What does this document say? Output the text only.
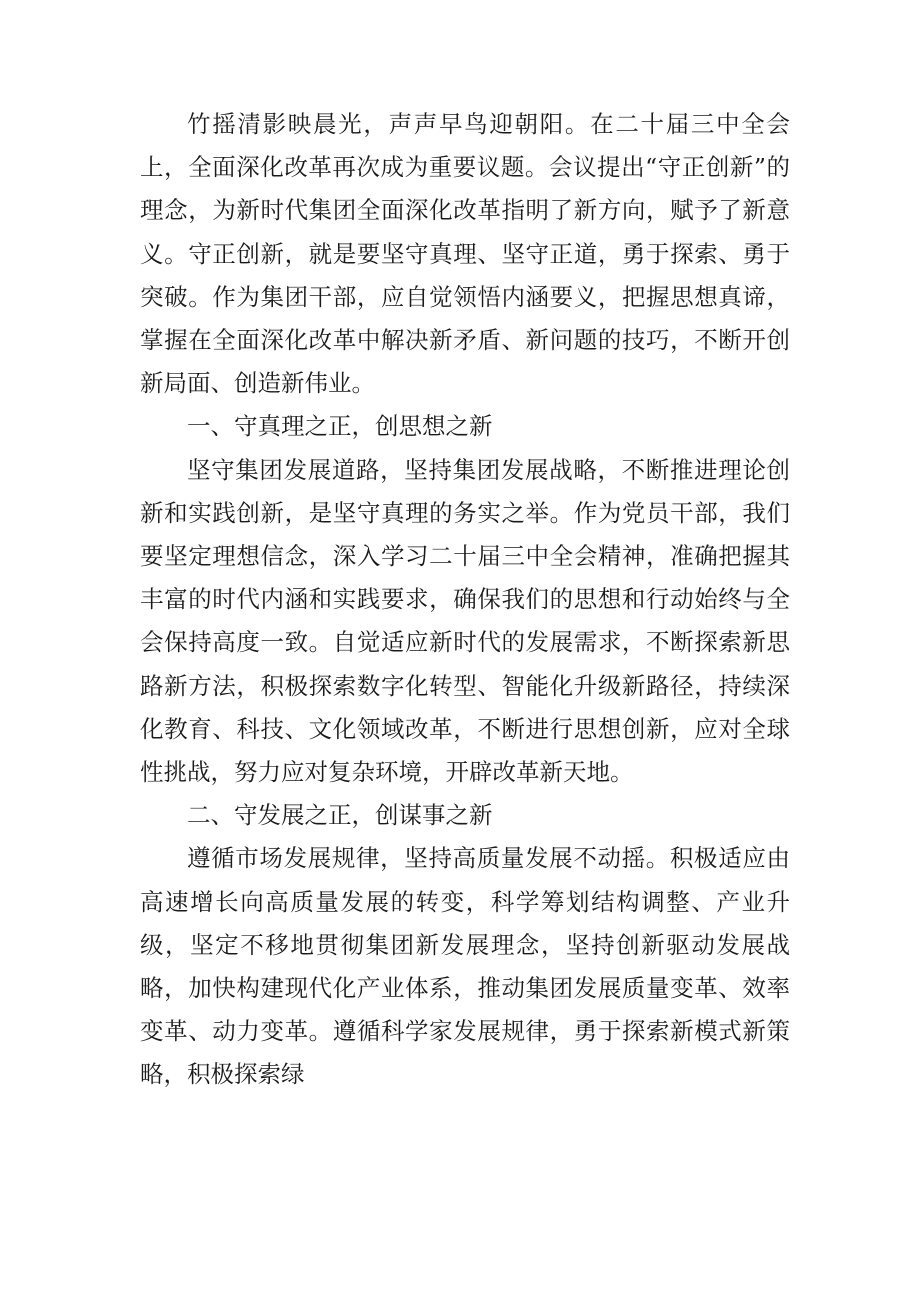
竹摇清影映晨光，声声早鸟迎朝阳。在二十届三中全会上，全面深化改革再次成为重要议题。会议提出“守正创新”的理念，为新时代集团全面深化改革指明了新方向，赋予了新意义。守正创新，就是要坚守真理、坚守正道，勇于探索、勇于突破。作为集团干部，应自觉领悟内涵要义，把握思想真谛，掌握在全面深化改革中解决新矛盾、新问题的技巧，不断开创新局面、创造新伟业。

一、守真理之正，创思想之新

坚守集团发展道路，坚持集团发展战略，不断推进理论创新和实践创新，是坚守真理的务实之举。作为党员干部，我们要坚定理想信念，深入学习二十届三中全会精神，准确把握其丰富的时代内涵和实践要求，确保我们的思想和行动始终与全会保持高度一致。自觉适应新时代的发展需求，不断探索新思路新方法，积极探索数字化转型、智能化升级新路径，持续深化教育、科技、文化领域改革，不断进行思想创新，应对全球性挑战，努力应对复杂环境，开辟改革新天地。

二、守发展之正，创谋事之新

遵循市场发展规律，坚持高质量发展不动摇。积极适应由高速增长向高质量发展的转变，科学筹划结构调整、产业升级，坚定不移地贯彻集团新发展理念，坚持创新驱动发展战略，加快构建现代化产业体系，推动集团发展质量变革、效率变革、动力变革。遵循科学家发展规律，勇于探索新模式新策略，积极探索绿
